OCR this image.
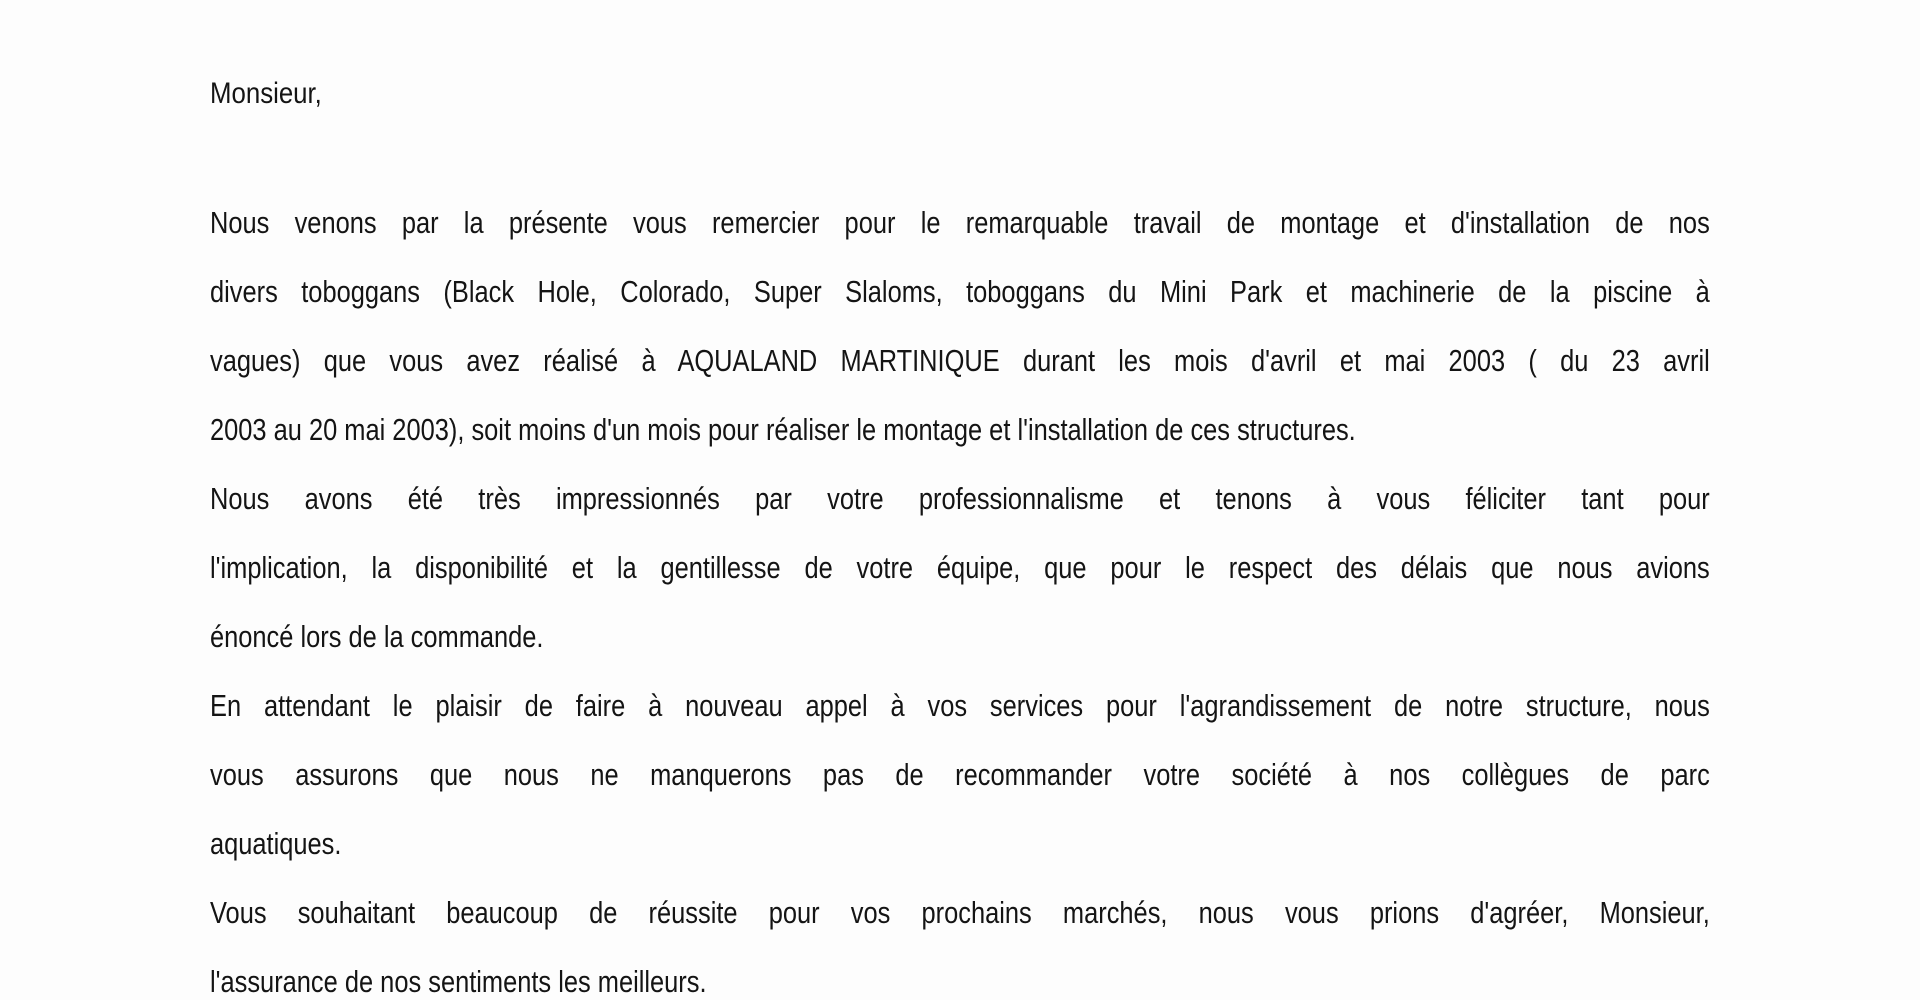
Monsieur,
Nous venons par la présente vous remercier pour le remarquable travail de montage et d'installation de nos
divers toboggans (Black Hole, Colorado, Super Slaloms, toboggans du Mini Park et machinerie de la piscine à
vagues) que vous avez réalisé à AQUALAND MARTINIQUE durant les mois d'avril et mai 2003 ( du 23 avril
2003 au 20 mai 2003), soit moins d'un mois pour réaliser le montage et l'installation de ces structures.
Nous avons été très impressionnés par votre professionnalisme et tenons à vous féliciter tant pour
l'implication, la disponibilité et la gentillesse de votre équipe, que pour le respect des délais que nous avions
énoncé lors de la commande.
En attendant le plaisir de faire à nouveau appel à vos services pour l'agrandissement de notre structure, nous
vous assurons que nous ne manquerons pas de recommander votre société à nos collègues de parc
aquatiques.
Vous souhaitant beaucoup de réussite pour vos prochains marchés, nous vous prions d'agréer, Monsieur,
l'assurance de nos sentiments les meilleurs.
